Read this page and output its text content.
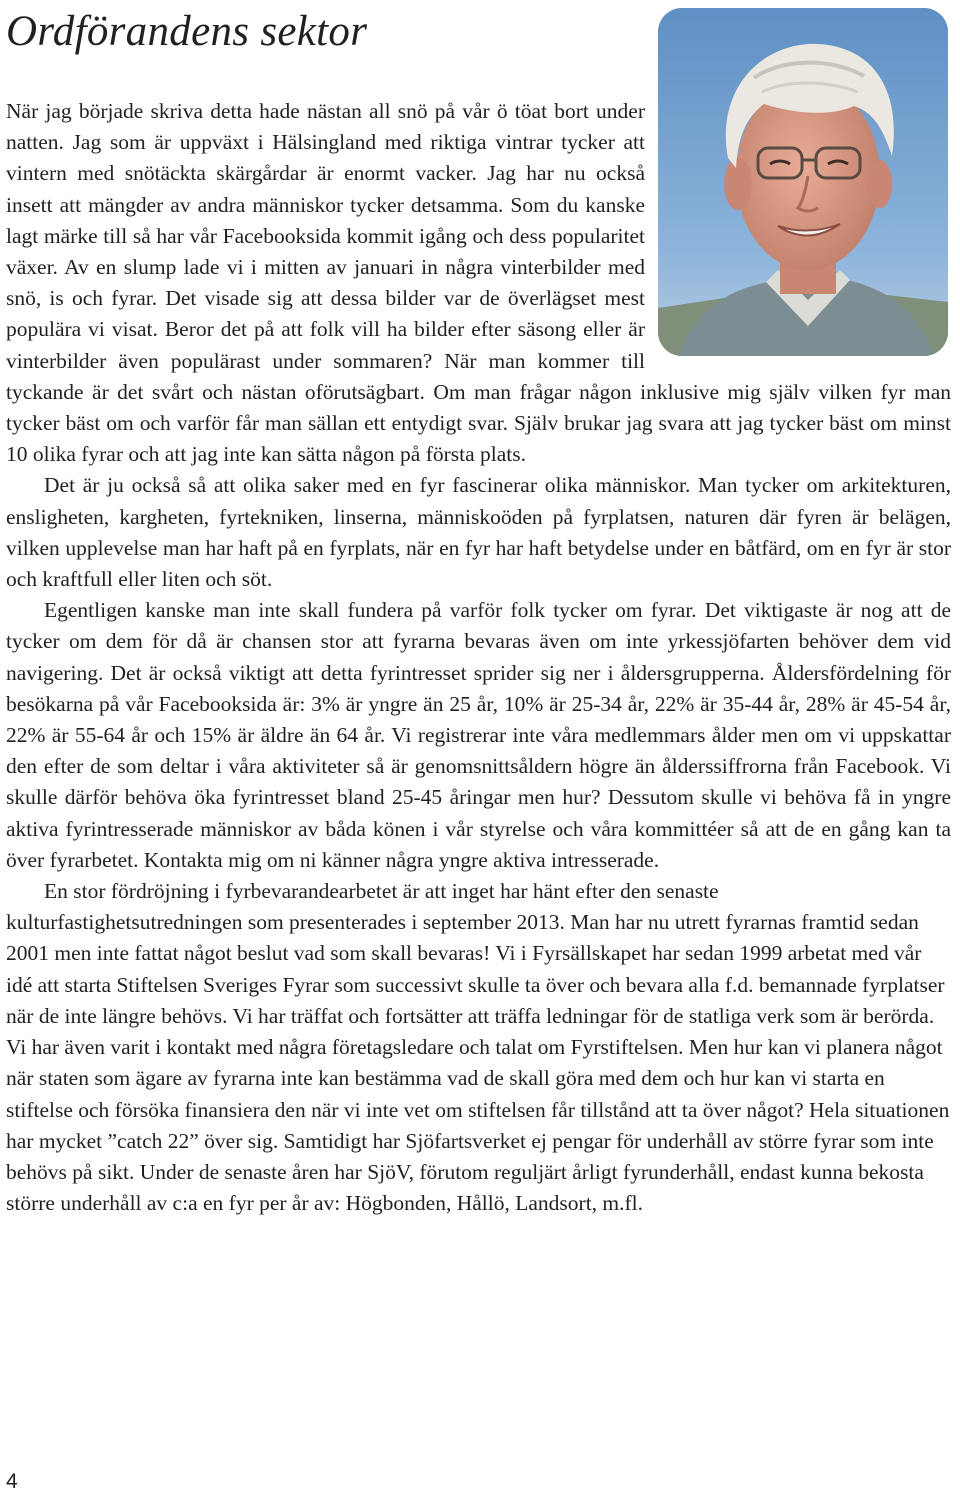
Ordförandens sektor

När jag började skriva detta hade nästan all snö på vår ö töat bort under natten. Jag som är uppväxt i Hälsingland med riktiga vintrar tycker att vintern med snötäckta skärgårdar är enormt vacker. Jag har nu också insett att mängder av andra människor tycker detsamma. Som du kanske lagt märke till så har vår Facebooksida kommit igång och dess popularitet växer. Av en slump lade vi i mitten av januari in några vinterbilder med snö, is och fyrar. Det visade sig att dessa bilder var de överlägset mest populära vi visat. Beror det på att folk vill ha bilder efter säsong eller är vinterbilder även populärast under sommaren? När man kommer till tyckande är det svårt och nästan oförutsägbart. Om man frågar någon inklusive mig själv vilken fyr man tycker bäst om och varför får man sällan ett entydigt svar. Själv brukar jag svara att jag tycker bäst om minst 10 olika fyrar och att jag inte kan sätta någon på första plats.

Det är ju också så att olika saker med en fyr fascinerar olika människor. Man tycker om arkitekturen, ensligheten, kargheten, fyrtekniken, linserna, människoöden på fyrplatsen, naturen där fyren är belägen, vilken upplevelse man har haft på en fyrplats, när en fyr har haft betydelse under en båtfärd, om en fyr är stor och kraftfull eller liten och söt.

Egentligen kanske man inte skall fundera på varför folk tycker om fyrar. Det viktigaste är nog att de tycker om dem för då är chansen stor att fyrarna bevaras även om inte yrkessjöfarten behöver dem vid navigering. Det är också viktigt att detta fyrintresset sprider sig ner i åldersgrupperna. Åldersfördelning för besökarna på vår Facebooksida är: 3% är yngre än 25 år, 10% är 25-34 år, 22% är 35-44 år, 28% är 45-54 år, 22% är 55-64 år och 15% är äldre än 64 år. Vi registrerar inte våra medlemmars ålder men om vi uppskattar den efter de som deltar i våra aktiviteter så är genomsnittsåldern högre än ålderssiffrorna från Facebook. Vi skulle därför behöva öka fyrintresset bland 25-45 åringar men hur? Dessutom skulle vi behöva få in yngre aktiva fyrintresserade människor av båda könen i vår styrelse och våra kommittéer så att de en gång kan ta över fyrarbetet. Kontakta mig om ni känner några yngre aktiva intresserade.

En stor fördröjning i fyrbevarandearbetet är att inget har hänt efter den senaste kulturfastighetsutredningen som presenterades i september 2013. Man har nu utrett fyrarnas framtid sedan 2001 men inte fattat något beslut vad som skall bevaras! Vi i Fyrsällskapet har sedan 1999 arbetat med vår idé att starta Stiftelsen Sveriges Fyrar som successivt skulle ta över och bevara alla f.d. bemannade fyrplatser när de inte längre behövs. Vi har träffat och fortsätter att träffa ledningar för de statliga verk som är berörda. Vi har även varit i kontakt med några företagsledare och talat om Fyrstiftelsen. Men hur kan vi planera något när staten som ägare av fyrarna inte kan bestämma vad de skall göra med dem och hur kan vi starta en stiftelse och försöka finansiera den när vi inte vet om stiftelsen får tillstånd att ta över något? Hela situationen har mycket ”catch 22” över sig. Samtidigt har Sjöfartsverket ej pengar för underhåll av större fyrar som inte behövs på sikt. Under de senaste åren har SjöV, förutom reguljärt årligt fyrunderhåll, endast kunna bekosta större underhåll av c:a en fyr per år av: Högbonden, Hållö, Landsort, m.fl.

4
